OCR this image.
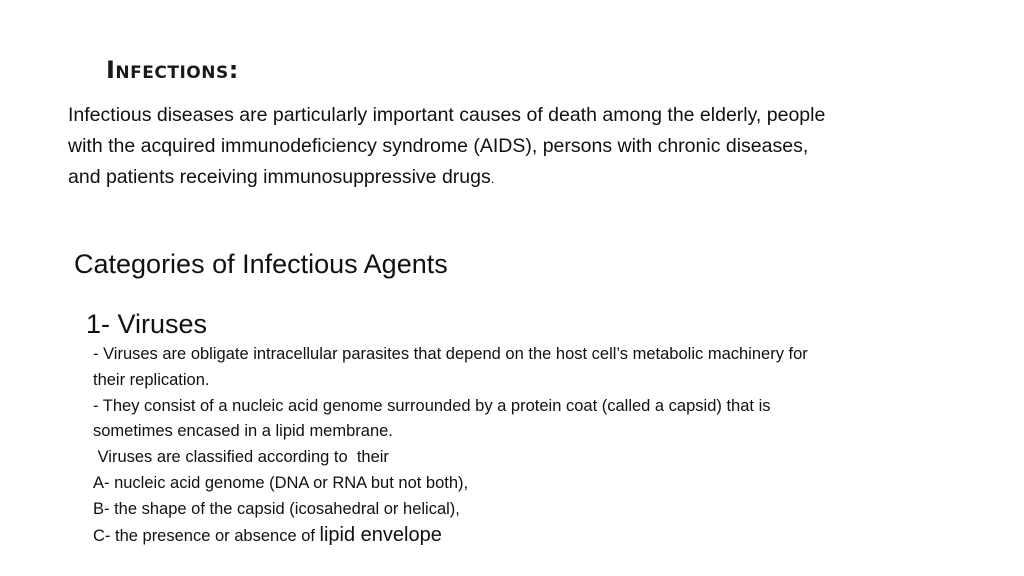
Infections:
Infectious diseases are particularly important causes of death among the elderly, people
with the acquired immunodeficiency syndrome (AIDS), persons with chronic diseases,
and patients receiving immunosuppressive drugs.
Categories of Infectious Agents
1- Viruses
- Viruses are obligate intracellular parasites that depend on the host cell’s metabolic machinery for
their replication.
- They consist of a nucleic acid genome surrounded by a protein coat (called a capsid) that is
sometimes encased in a lipid membrane.
Viruses are classified according to  their
A- nucleic acid genome (DNA or RNA but not both),
B- the shape of the capsid (icosahedral or helical),
C- the presence or absence of lipid envelope
